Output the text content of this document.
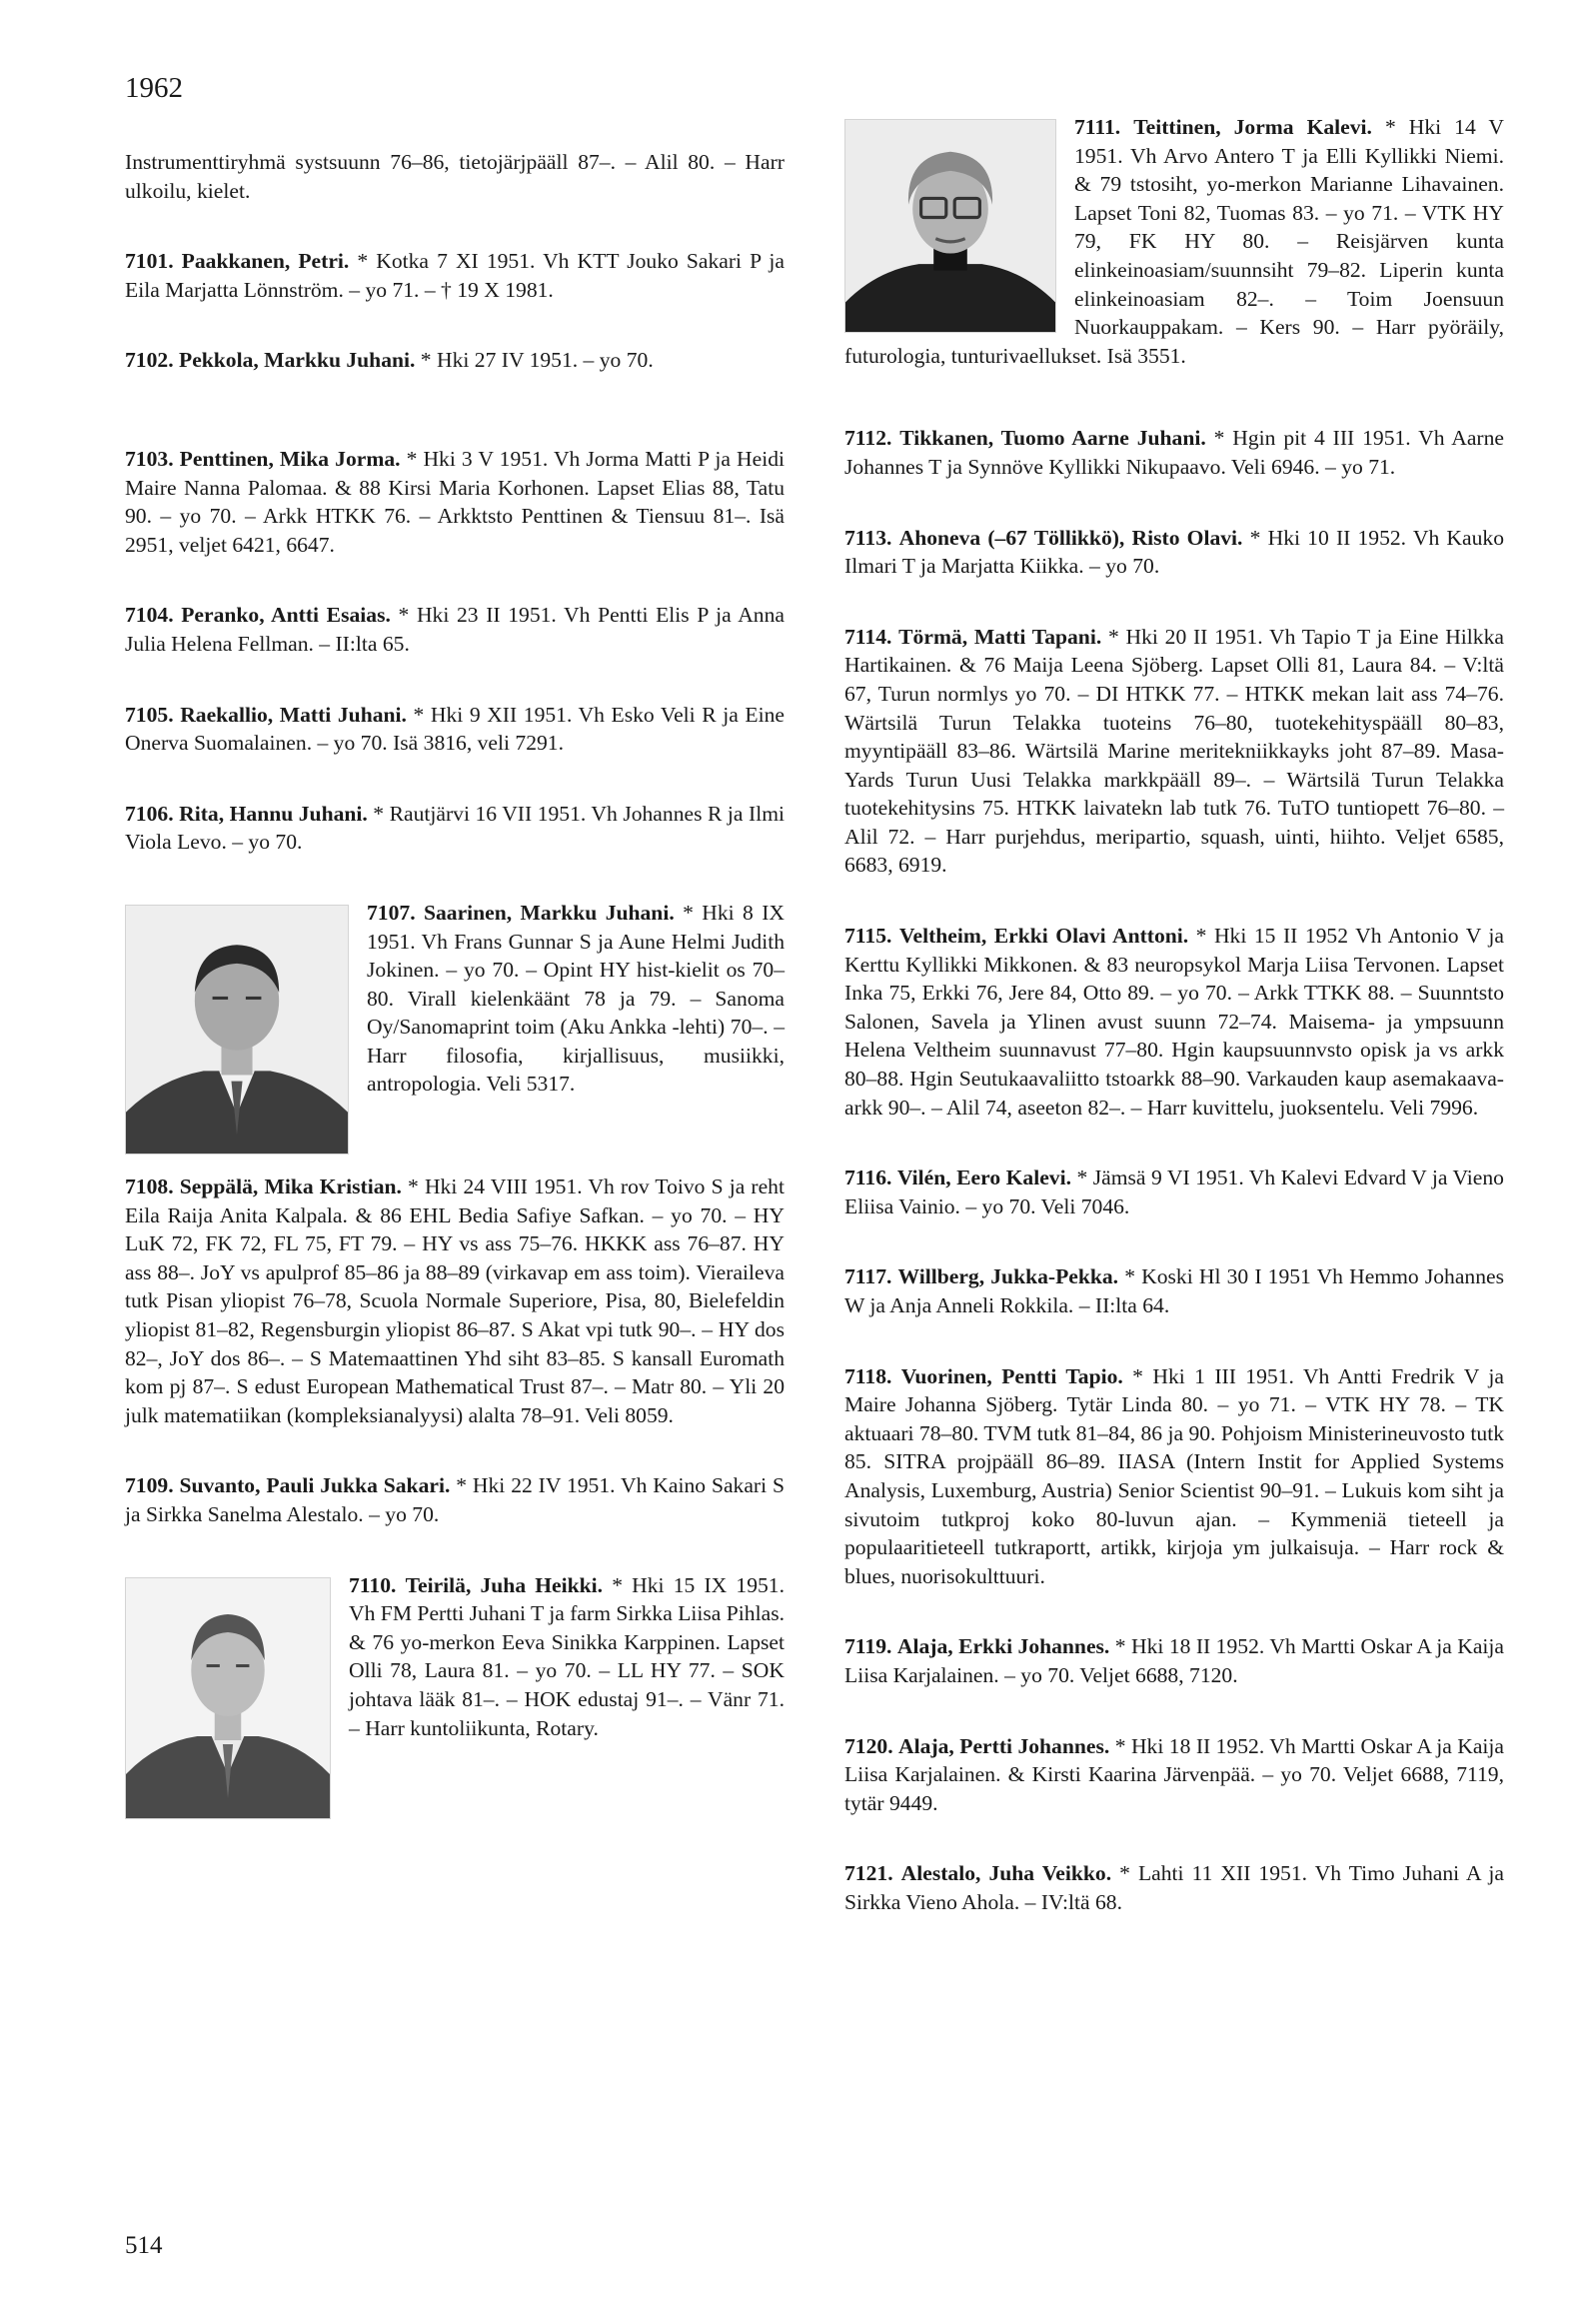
1962

Instrumenttiryhmä systsuunn 76–86, tietojärjpääll 87–. – Alil 80. – Harr ulkoilu, kielet.

7101. Paakkanen, Petri. * Kotka 7 XI 1951. Vh KTT Jouko Sakari P ja Eila Marjatta Lönnström. – yo 71. – † 19 X 1981.

7102. Pekkola, Markku Juhani. * Hki 27 IV 1951. – yo 70.

7103. Penttinen, Mika Jorma. * Hki 3 V 1951. Vh Jorma Matti P ja Heidi Maire Nanna Palomaa. & 88 Kirsi Maria Korhonen. Lapset Elias 88, Tatu 90. – yo 70. – Arkk HTKK 76. – Arkktsto Penttinen & Tiensuu 81–. Isä 2951, veljet 6421, 6647.

7104. Peranko, Antti Esaias. * Hki 23 II 1951. Vh Pentti Elis P ja Anna Julia Helena Fellman. – II:lta 65.

7105. Raekallio, Matti Juhani. * Hki 9 XII 1951. Vh Esko Veli R ja Eine Onerva Suomalainen. – yo 70. Isä 3816, veli 7291.

7106. Rita, Hannu Juhani. * Rautjärvi 16 VII 1951. Vh Johannes R ja Ilmi Viola Levo. – yo 70.

7107. Saarinen, Markku Juhani.
* Hki 8 IX 1951. Vh Frans Gunnar S ja Aune Helmi Judith Jokinen. – yo 70. – Opint HY hist-kielit os 70–80. Virall kielenkäänt 78 ja 79. – Sanoma Oy/Sanomaprint toim (Aku Ankka -lehti) 70–. – Harr filosofia, kirjallisuus, musiikki, antropologia. Veli 5317.

7108. Seppälä, Mika Kristian. * Hki 24 VIII 1951. Vh rov Toivo S ja reht Eila Raija Anita Kalpala. & 86 EHL Bedia Safiye Safkan. – yo 70. – HY LuK 72, FK 72, FL 75, FT 79. – HY vs ass 75–76. HKKK ass 76–87. HY ass 88–. JoY vs apulprof 85–86 ja 88–89 (virkavap em ass toim). Vieraileva tutk Pisan yliopist 76–78, Scuola Normale Superiore, Pisa, 80, Bielefeldin yliopist 81–82, Regensburgin yliopist 86–87. S Akat vpi tutk 90–. – HY dos 82–, JoY dos 86–. – S Matemaattinen Yhd siht 83–85. S kansall Euromath kom pj 87–. S edust European Mathematical Trust 87–. – Matr 80. – Yli 20 julk matematiikan (kompleksianalyysi) alalta 78–91. Veli 8059.

7109. Suvanto, Pauli Jukka Sakari. * Hki 22 IV 1951. Vh Kaino Sakari S ja Sirkka Sanelma Alestalo. – yo 70.

7110. Teirilä, Juha Heikki.
* Hki 15 IX 1951. Vh FM Pertti Juhani T ja farm Sirkka Liisa Pihlas. & 76 yo-merkon Eeva Sinikka Karppinen. Lapset Olli 78, Laura 81. – yo 70. – LL HY 77. – SOK johtava lääk 81–. – HOK edustaj 91–. – Vänr 71. – Harr kuntoliikunta, Rotary.

7111. Teittinen, Jorma Kalevi. * Hki 14 V 1951. Vh Arvo Antero T ja Elli Kyllikki Niemi. & 79 tstosiht, yo-merkon Marianne Lihavainen. Lapset Toni 82, Tuomas 83. – yo 71. – VTK HY 79, FK HY 80. – Reisjärven kunta elinkeinoasiam/suunnsiht 79–82. Liperin kunta elinkeinoasiam 82–. – Toim Joensuun Nuorkauppakam. – Kers 90. – Harr pyöräily, futurologia, tunturivaellukset. Isä 3551.

7112. Tikkanen, Tuomo Aarne Juhani. * Hgin pit 4 III 1951. Vh Aarne Johannes T ja Synnöve Kyllikki Nikupaavo. Veli 6946. – yo 71.

7113. Ahoneva (–67 Töllikkö), Risto Olavi. * Hki 10 II 1952. Vh Kauko Ilmari T ja Marjatta Kiikka. – yo 70.

7114. Törmä, Matti Tapani. * Hki 20 II 1951. Vh Tapio T ja Eine Hilkka Hartikainen. & 76 Maija Leena Sjöberg. Lapset Olli 81, Laura 84. – V:ltä 67, Turun normlys yo 70. – DI HTKK 77. – HTKK mekan lait ass 74–76. Wärtsilä Turun Telakka tuoteins 76–80, tuotekehityspääll 80–83, myyntipääll 83–86. Wärtsilä Marine meritekniikkayks joht 87–89. Masa-Yards Turun Uusi Telakka markkpääll 89–. – Wärtsilä Turun Telakka tuotekehitysins 75. HTKK laivatekn lab tutk 76. TuTO tuntiopett 76–80. – Alil 72. – Harr purjehdus, meripartio, squash, uinti, hiihto. Veljet 6585, 6683, 6919.

7115. Veltheim, Erkki Olavi Anttoni. * Hki 15 II 1952 Vh Antonio V ja Kerttu Kyllikki Mikkonen. & 83 neuropsykol Marja Liisa Tervonen. Lapset Inka 75, Erkki 76, Jere 84, Otto 89. – yo 70. – Arkk TTKK 88. – Suunntsto Salonen, Savela ja Ylinen avust suunn 72–74. Maisema- ja ympsuunn Helena Veltheim suunnavust 77–80. Hgin kaupsuunnvsto opisk ja vs arkk 80–88. Hgin Seutukaavaliitto tstoarkk 88–90. Varkauden kaup asemakaava-arkk 90–. – Alil 74, aseeton 82–. – Harr kuvittelu, juoksentelu. Veli 7996.

7116. Vilén, Eero Kalevi. * Jämsä 9 VI 1951. Vh Kalevi Edvard V ja Vieno Eliisa Vainio. – yo 70. Veli 7046.

7117. Willberg, Jukka-Pekka. * Koski Hl 30 I 1951 Vh Hemmo Johannes W ja Anja Anneli Rokkila. – II:lta 64.

7118. Vuorinen, Pentti Tapio. * Hki 1 III 1951. Vh Antti Fredrik V ja Maire Johanna Sjöberg. Tytär Linda 80. – yo 71. – VTK HY 78. – TK aktuaari 78–80. TVM tutk 81–84, 86 ja 90. Pohjoism Ministerineuvosto tutk 85. SITRA projpääll 86–89. IIASA (Intern Instit for Applied Systems Analysis, Luxemburg, Austria) Senior Scientist 90–91. – Lukuis kom siht ja sivutoim tutkproj koko 80-luvun ajan. – Kymmeniä tieteell ja populaaritieteell tutkraportt, artikk, kirjoja ym julkaisuja. – Harr rock & blues, nuorisokulttuuri.

7119. Alaja, Erkki Johannes. * Hki 18 II 1952. Vh Martti Oskar A ja Kaija Liisa Karjalainen. – yo 70. Veljet 6688, 7120.

7120. Alaja, Pertti Johannes. * Hki 18 II 1952. Vh Martti Oskar A ja Kaija Liisa Karjalainen. & Kirsti Kaarina Järvenpää. – yo 70. Veljet 6688, 7119, tytär 9449.

7121. Alestalo, Juha Veikko. * Lahti 11 XII 1951. Vh Timo Juhani A ja Sirkka Vieno Ahola. – IV:ltä 68.

514
